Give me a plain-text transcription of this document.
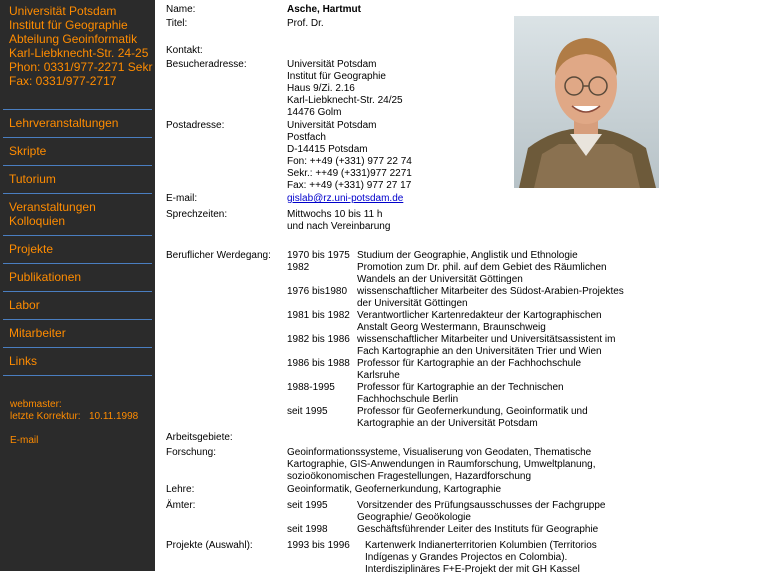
Universität Potsdam
Institut für Geographie
Abteilung Geoinformatik
Karl-Liebknecht-Str. 24-25
Phon: 0331/977-2271 Sekr
Fax: 0331/977-2717
Lehrveranstaltungen
Skripte
Tutorium
Veranstaltungen
Kolloquien
Projekte
Publikationen
Labor
Mitarbeiter
Links
webmaster:
letzte Korrektur: 10.11.1998
E-mail
Name:	Asche, Hartmut
Titel:	Prof. Dr.
Kontakt:
Besucheradresse:	Universität Potsdam
Institut für Geographie
Haus 9/Zi. 2.16
Karl-Liebknecht-Str. 24/25
14476 Golm
Postadresse:	Universität Potsdam
Postfach
D-14415 Potsdam
Fon: ++49 (+331) 977 22 74
Sekr.: ++49 (+331)977 2271
Fax: ++49 (+331) 977 27 17
E-mail:	gislab@rz.uni-potsdam.de
Sprechzeiten:	Mittwochs 10 bis 11 h
und nach Vereinbarung
Beruflicher Werdegang: 1970 bis 1975 Studium der Geographie, Anglistik und Ethnologie
1982	Promotion zum Dr. phil. auf dem Gebiet des Räumlichen
Wandels an der Universität Göttingen
1976 bis1980 wissenschaftlicher Mitarbeiter des Südost-Arabien-Projektes
der Universität Göttingen
1981 bis 1982 Verantwortlicher Kartenredakteur der Kartographischen
Anstalt Georg Westermann, Braunschweig
1982 bis 1986 wissenschaftlicher Mitarbeiter und Universitätsassistent im
Fach Kartographie an den Universitäten Trier und Wien
1986 bis 1988 Professor für Kartographie an der Fachhochschule
Karlsruhe
1988-1995 Professor für Kartographie an der Technischen
Fachhochschule Berlin
seit 1995	Professor für Geofernerkundung, Geoinformatik und
Kartographie an der Universität Potsdam
Arbeitsgebiete:
Forschung:	Geoinformationssysteme, Visualiserung von Geodaten, Thematische
Kartographie, GIS-Anwendungen in Raumforschung, Umweltplanung,
sozioökonomischen Fragestellungen, Hazardforschung
Lehre:	Geoinformatik, Geofernerkundung, Kartographie
Ämter:	seit 1995	Vorsitzender des Prüfungsausschusses der Fachgruppe
Geographie/ Geoökologie
seit 1998	Geschäftsführender Leiter des Instituts für Geographie
Projekte (Auswahl):	1993 bis 1996 Kartenwerk Indianerterritorien Kolumbien (Territorios
Indígenas y Grandes Projectos en Colombia).
Interdisziplinäres F+E-Projekt der mit GH Kassel
